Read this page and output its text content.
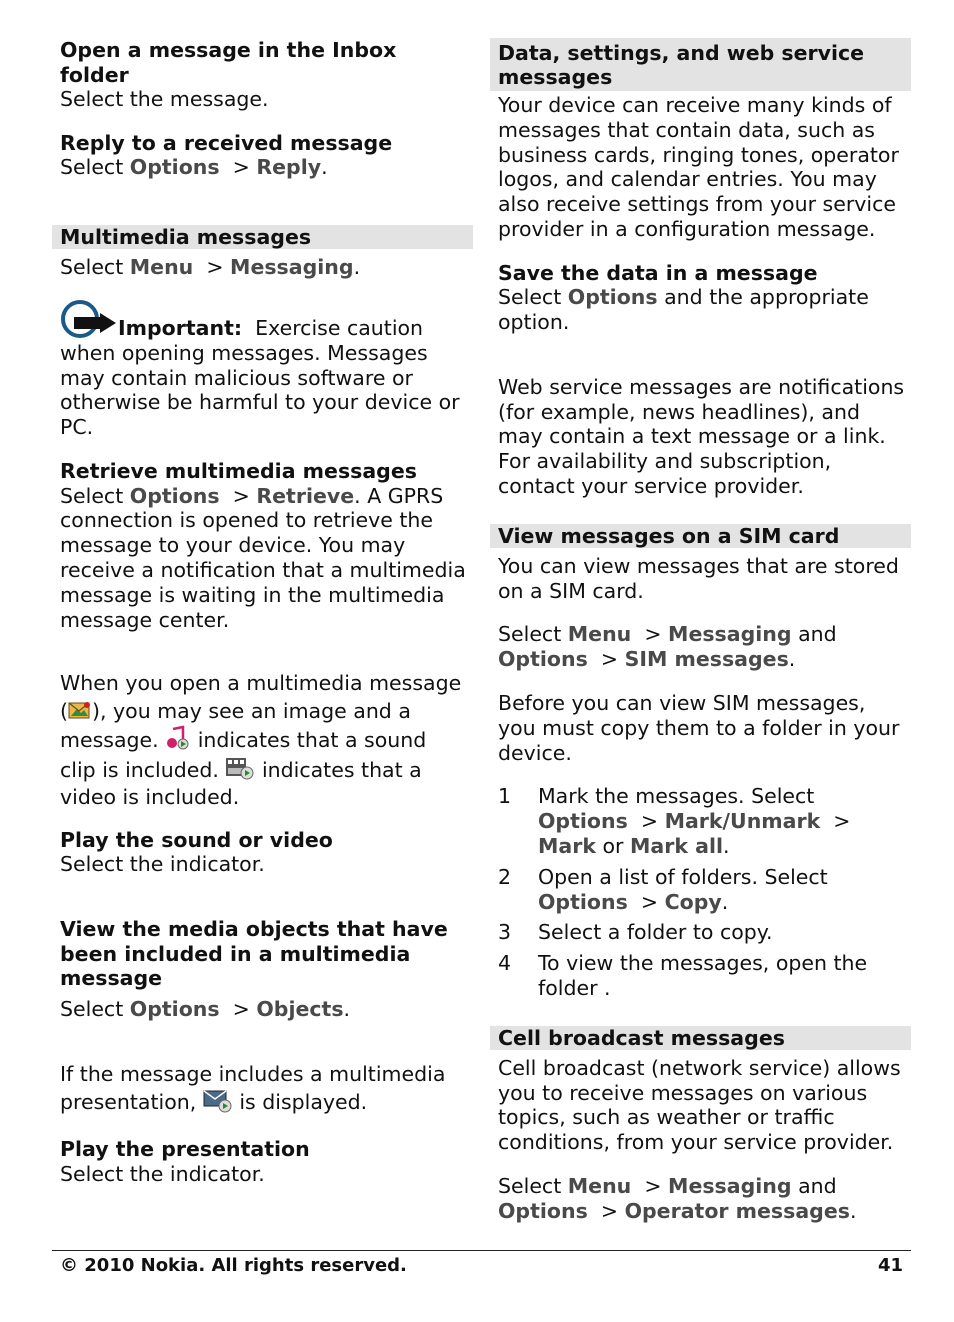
Open a message in the Inbox folder
Select the message.
Reply to a received message
Select Options > Reply.
Multimedia messages
Select Menu > Messaging.
Important: Exercise caution when opening messages. Messages may contain malicious software or otherwise be harmful to your device or PC.
Retrieve multimedia messages
Select Options > Retrieve. A GPRS connection is opened to retrieve the message to your device. You may receive a notification that a multimedia message is waiting in the multimedia message center.
When you open a multimedia message ( ), you may see an image and a message. indicates that a sound clip is included. indicates that a video is included.
Play the sound or video
Select the indicator.
View the media objects that have been included in a multimedia message
Select Options > Objects.
If the message includes a multimedia presentation, is displayed.
Play the presentation
Select the indicator.
Data, settings, and web service messages
Your device can receive many kinds of messages that contain data, such as business cards, ringing tones, operator logos, and calendar entries. You may also receive settings from your service provider in a configuration message.
Save the data in a message
Select Options and the appropriate option.
Web service messages are notifications (for example, news headlines), and may contain a text message or a link. For availability and subscription, contact your service provider.
View messages on a SIM card
You can view messages that are stored on a SIM card.
Select Menu > Messaging and
Options > SIM messages.
Before you can view SIM messages, you must copy them to a folder in your device.
1	Mark the messages. Select Options > Mark/Unmark > Mark or Mark all.
2	Open a list of folders. Select Options > Copy.
3	Select a folder to copy.
4	To view the messages, open the folder .
Cell broadcast messages
Cell broadcast (network service) allows you to receive messages on various topics, such as weather or traffic conditions, from your service provider.
Select Menu > Messaging and
Options > Operator messages.
© 2010 Nokia. All rights reserved.	41
